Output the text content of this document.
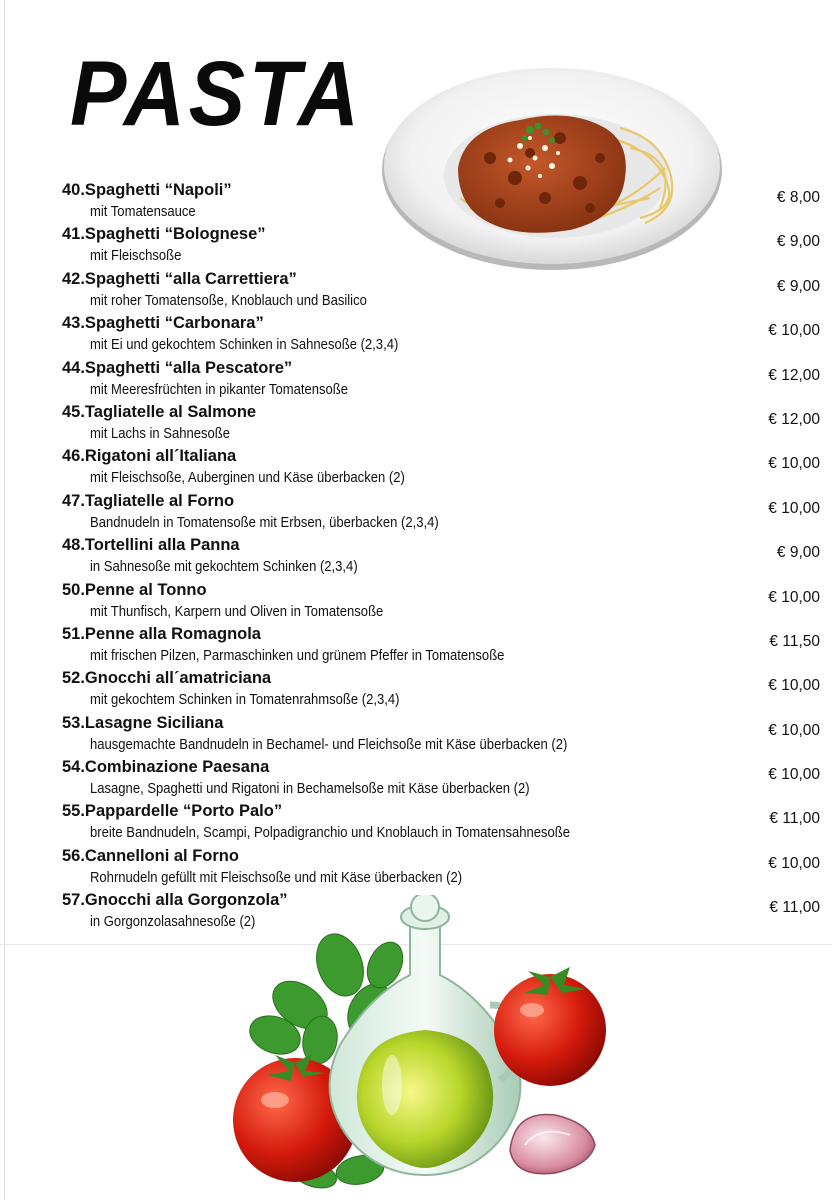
PASTA
40.Spaghetti “Napoli”
mit Tomatensauce
€ 8,00
41.Spaghetti “Bolognese”
mit Fleischsoße
€ 9,00
42.Spaghetti “alla Carrettiera”
mit roher Tomatensoße, Knoblauch und Basilico
€ 9,00
43.Spaghetti “Carbonara”
mit Ei und gekochtem Schinken in Sahnesoße (2,3,4)
€ 10,00
44.Spaghetti “alla Pescatore”
mit Meeresfrüchten in pikanter Tomatensoße
€ 12,00
45.Tagliatelle al Salmone
mit Lachs in Sahnesoße
€ 12,00
46.Rigatoni all´Italiana
mit Fleischsoße, Auberginen und Käse überbacken (2)
€ 10,00
47.Tagliatelle al Forno
Bandnudeln in Tomatensoße mit Erbsen, überbacken (2,3,4)
€ 10,00
48.Tortellini alla Panna
in Sahnesoße mit gekochtem Schinken (2,3,4)
€ 9,00
50.Penne al Tonno
mit Thunfisch, Karpern und Oliven in Tomatensoße
€ 10,00
51.Penne alla Romagnola
mit frischen Pilzen, Parmaschinken und grünem Pfeffer in Tomatensoße
€ 11,50
52.Gnocchi all´amatriciana
mit gekochtem Schinken in Tomatenrahmsoße (2,3,4)
€ 10,00
53.Lasagne Siciliana
hausgemachte Bandnudeln in Bechamel- und Fleichsoße mit Käse überbacken (2)
€ 10,00
54.Combinazione Paesana
Lasagne, Spaghetti und Rigatoni in Bechamelsoße mit Käse überbacken (2)
€ 10,00
55.Pappardelle “Porto Palo”
breite Bandnudeln, Scampi, Polpadigranchio und Knoblauch in Tomatensahnesoße
€ 11,00
56.Cannelloni al Forno
Rohrnudeln gefüllt mit Fleischsoße und mit Käse überbacken (2)
€ 10,00
57.Gnocchi alla Gorgonzola”
in Gorgonzolasahnesoße (2)
€ 11,00
